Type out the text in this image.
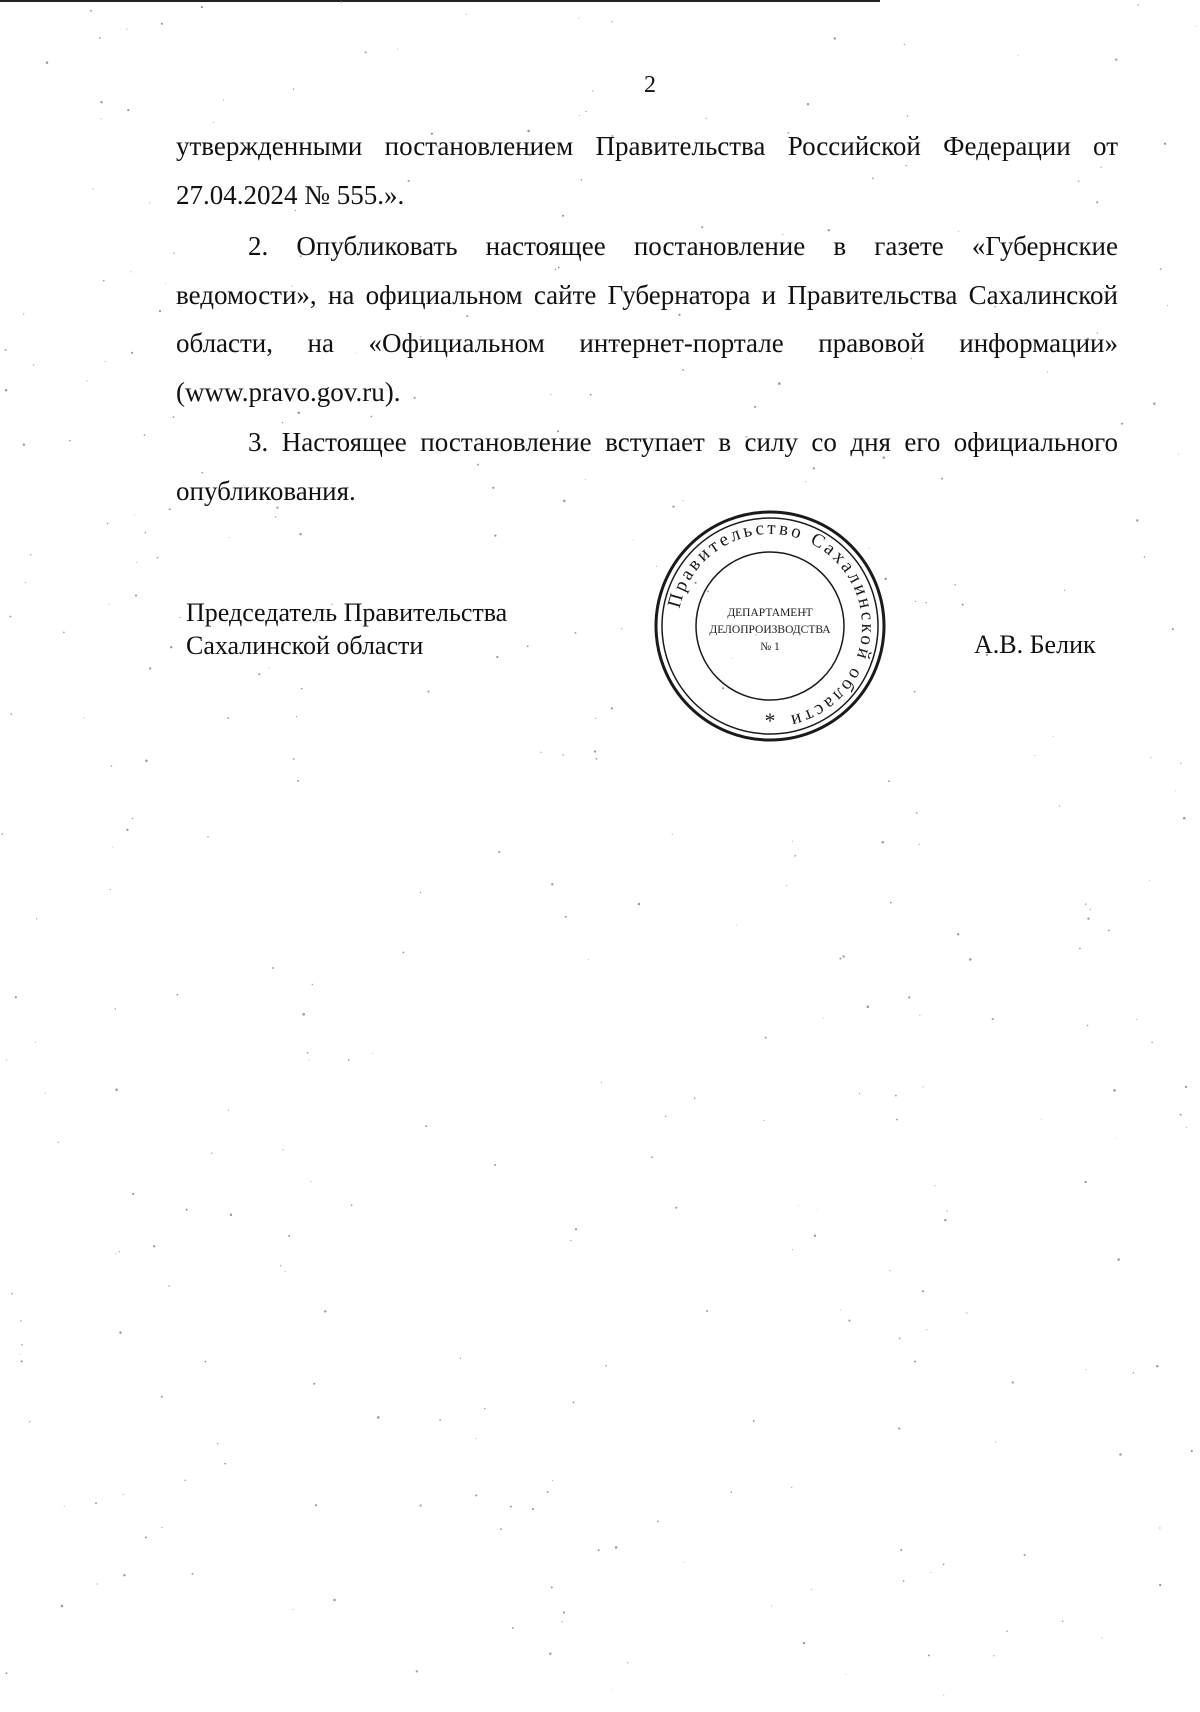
2

утвержденными постановлением Правительства Российской Федерации от 27.04.2024 № 555.».

2. Опубликовать настоящее постановление в газете «Губернские ведомости», на официальном сайте Губернатора и Правительства Сахалинской области, на «Официальном интернет-портале правовой информации» (www.pravo.gov.ru).

3. Настоящее постановление вступает в силу со дня его официального опубликования.

Председатель Правительства
Сахалинской области	А.В. Белик
Правительство Сахалинской области
ДЕПАРТАМЕНТ
ДЕЛОПРОИЗВОДСТВА
№ 1
*
